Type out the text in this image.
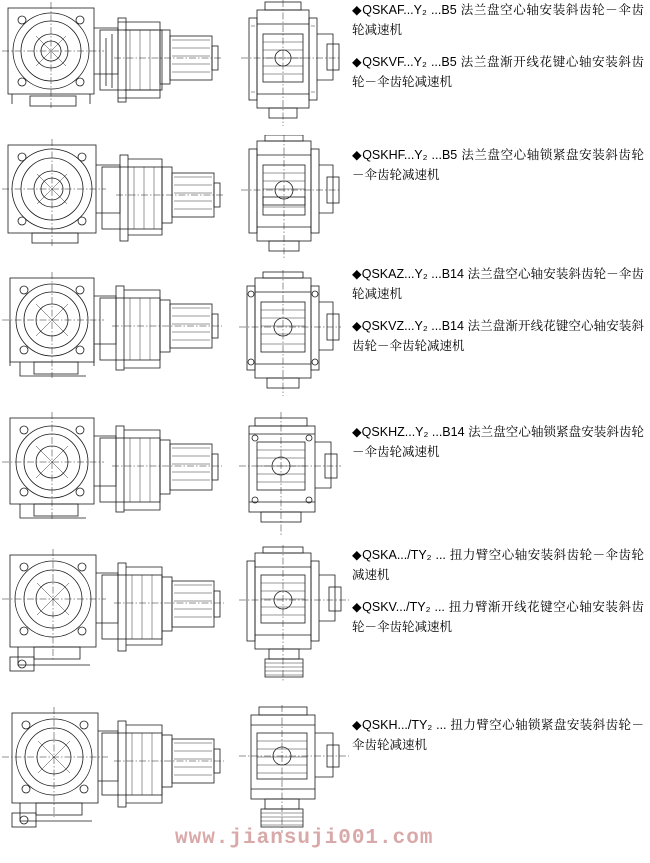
◆QSKAF...Y₂ ...B5 法兰盘空心轴安装斜齿轮－伞齿轮减速机
◆QSKVF...Y₂ ...B5 法兰盘渐开线花键心轴安装斜齿轮－伞齿轮减速机
◆QSKHF...Y₂ ...B5 法兰盘空心轴锁紧盘安装斜齿轮－伞齿轮减速机
◆QSKAZ...Y₂ ...B14 法兰盘空心轴安装斜齿轮－伞齿轮减速机
◆QSKVZ...Y₂ ...B14 法兰盘渐开线花键空心轴安装斜齿轮－伞齿轮减速机
◆QSKHZ...Y₂ ...B14 法兰盘空心轴锁紧盘安装斜齿轮－伞齿轮减速机
◆QSKA.../TY₂ ... 扭力臂空心轴安装斜齿轮－伞齿轮减速机
◆QSKV.../TY₂ ... 扭力臂渐开线花键空心轴安装斜齿轮－伞齿轮减速机
◆QSKH.../TY₂ ... 扭力臂空心轴锁紧盘安装斜齿轮－伞齿轮减速机
www.jiansuji001.com
